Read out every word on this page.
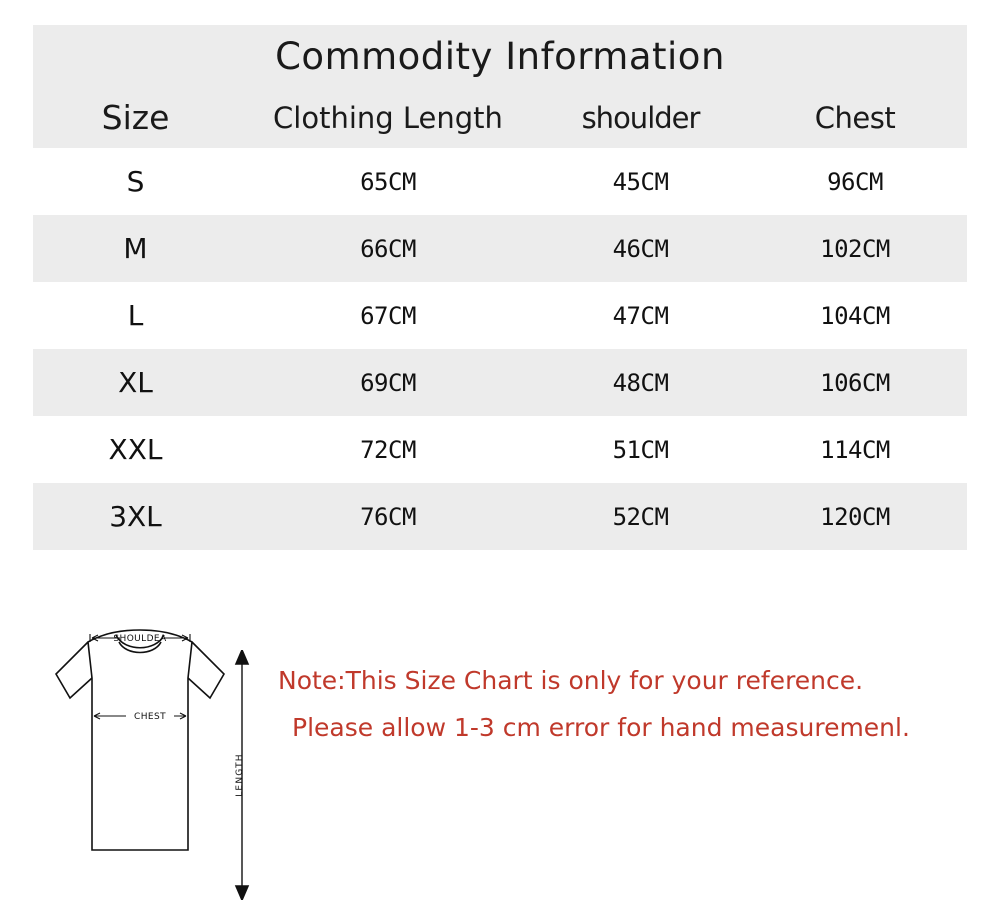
Commodity Information			
Size	Clothing Length	shoulder	Chest
S	65CM	45CM	96CM
M	66CM	46CM	102CM
L	67CM	47CM	104CM
XL	69CM	48CM	106CM
XXL	72CM	51CM	114CM
3XL	76CM	52CM	120CM
SHOULDEA
CHEST
LENGTH
Note:This Size Chart is only for your reference.
Please allow 1-3 cm error for hand measuremenl.
